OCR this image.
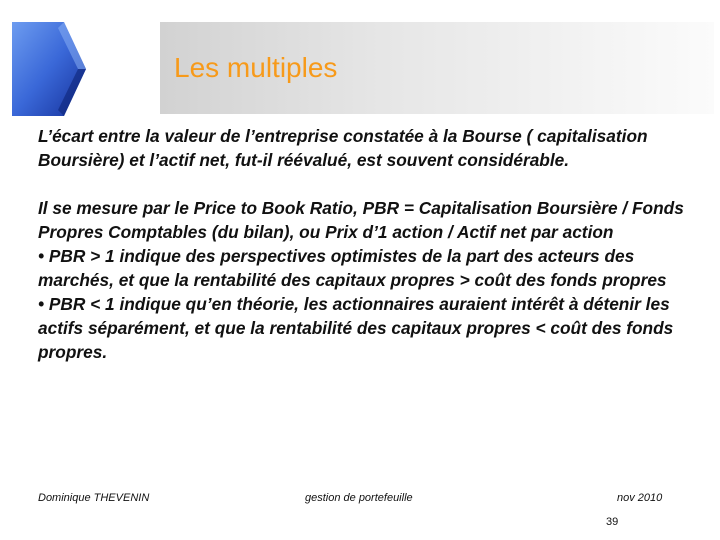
Les multiples

L’écart entre la valeur de l’entreprise constatée à la Bourse ( capitalisation Boursière) et l’actif net, fut-il réévalué, est souvent considérable.

Il se mesure par le Price to Book Ratio, PBR = Capitalisation Boursière / Fonds Propres Comptables (du bilan), ou Prix d’1 action / Actif net par action

• PBR > 1 indique des perspectives optimistes de la part des acteurs des marchés, et que la rentabilité des capitaux propres > coût des fonds propres

• PBR < 1 indique qu’en théorie, les actionnaires auraient intérêt à détenir les actifs séparément, et que la rentabilité des capitaux propres < coût des fonds propres.

Dominique THEVENIN	gestion de portefeuille	nov 2010
39
